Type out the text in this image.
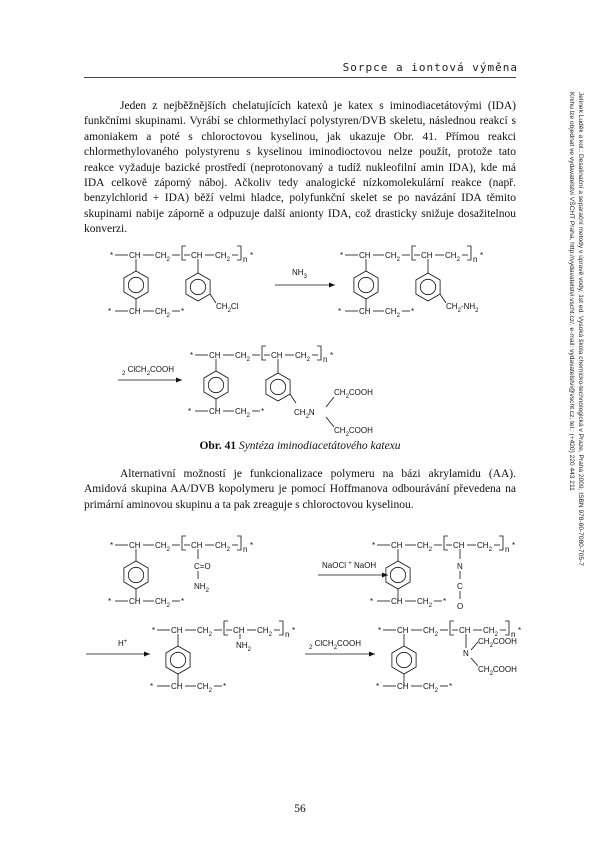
Sorpce a iontová výměna
Jelínek Luděk a kol.: Desalinační a separační metody v úpravě vody, 1st ed. Vysoká škola chemicko-technologická v Praze, Praha 2009, ISBN 978-80-7080-705-7
Knihu lze objednat ve vydavatelství VŠCHT Praha, http://vydavatelstvi.vscht.cz/, e-mail: vydavatelstvi@vscht.cz, tel.: (+420) 220 443 211

Jeden z nejběžnějších chelatujících katexů je katex s iminodiacetátovými (IDA) funkčními skupinami. Vyrábí se chlormethylací polystyren/DVB skeletu, následnou reakcí s amoniakem a poté s chloroctovou kyselinou, jak ukazuje Obr. 41. Přímou reakci chlormethylovaného polystyrenu s kyselinou iminodioctovou nelze použít, protože tato reakce vyžaduje bazické prostředí (neprotonovaný a tudíž nukleofilní amin IDA), kde má IDA celkově záporný náboj. Ačkoliv tedy analogické nízkomolekulární reakce (např. benzylchlorid + IDA) běží velmi hladce, polyfunkční skelet se po navázání IDA těmito skupinami nabije záporně a odpuzuje další anionty IDA, což drasticky snižuje dosažitelnou konverzi.

* CH $CH_2$	CH $CH_2$ n *
* CH $CH_2$ *
$CH_2Cl$
$NH_3$
* CH $CH_2$	CH $CH_2$ n *
* CH $CH_2$ *
$CH_2-NH_2$
$_2$ ClCH$_2$COOH
* CH $CH_2$	CH $CH_2$ n *
* CH $CH_2$ *	$CH_2N$
$CH_2COOH$
$CH_2COOH$
* CH $CH_2$	CH $CH_2$ n *
* CH $CH_2$ *
C=O
$NH_2$
NaOCl + NaOH
* CH $CH_2$	CH $CH_2$ n *
* CH $CH_2$ *
N
C
O
H+
* CH $CH_2$	CH $CH_2$ n *
* CH $CH_2$ *
$NH_2$	$_2$ ClCH$_2$COOH
* CH $CH_2$	CH $CH_2$ n *
* CH $CH_2$ *
N
$CH_2COOH$
$CH_2COOH$
Obr. 41 Syntéza iminodiacetátového katexu

Alternativní možností je funkcionalizace polymeru na bázi akrylamidu (AA). Amidová skupina AA/DVB kopolymeru je pomocí Hoffmanova odbourávání převedena na primární aminovou skupinu a ta pak zreaguje s chloroctovou kyselinou.

56
